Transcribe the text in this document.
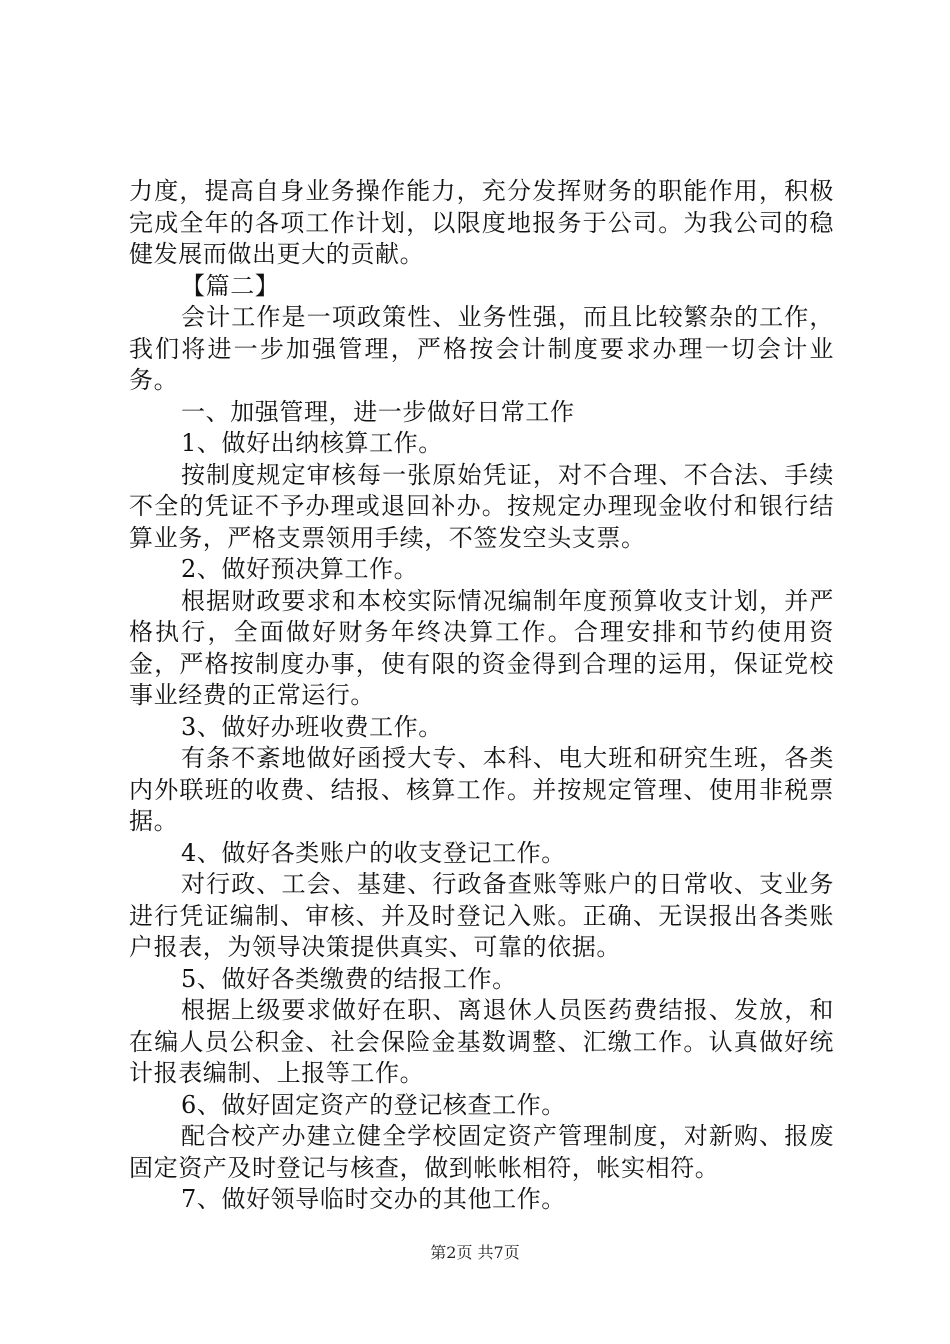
力度，提高自身业务操作能力，充分发挥财务的职能作用，积极完成全年的各项工作计划，以限度地报务于公司。为我公司的稳健发展而做出更大的贡献。

【篇二】

会计工作是一项政策性、业务性强，而且比较繁杂的工作，我们将进一步加强管理，严格按会计制度要求办理一切会计业务。

一、加强管理，进一步做好日常工作

1、做好出纳核算工作。

按制度规定审核每一张原始凭证，对不合理、不合法、手续不全的凭证不予办理或退回补办。按规定办理现金收付和银行结算业务，严格支票领用手续，不签发空头支票。

2、做好预决算工作。

根据财政要求和本校实际情况编制年度预算收支计划，并严格执行，全面做好财务年终决算工作。合理安排和节约使用资金，严格按制度办事，使有限的资金得到合理的运用，保证党校事业经费的正常运行。

3、做好办班收费工作。

有条不紊地做好函授大专、本科、电大班和研究生班，各类内外联班的收费、结报、核算工作。并按规定管理、使用非税票据。

4、做好各类账户的收支登记工作。

对行政、工会、基建、行政备查账等账户的日常收、支业务进行凭证编制、审核、并及时登记入账。正确、无误报出各类账户报表，为领导决策提供真实、可靠的依据。

5、做好各类缴费的结报工作。

根据上级要求做好在职、离退休人员医药费结报、发放，和在编人员公积金、社会保险金基数调整、汇缴工作。认真做好统计报表编制、上报等工作。

6、做好固定资产的登记核查工作。

配合校产办建立健全学校固定资产管理制度，对新购、报废固定资产及时登记与核查，做到帐帐相符，帐实相符。

7、做好领导临时交办的其他工作。

第2页 共7页
